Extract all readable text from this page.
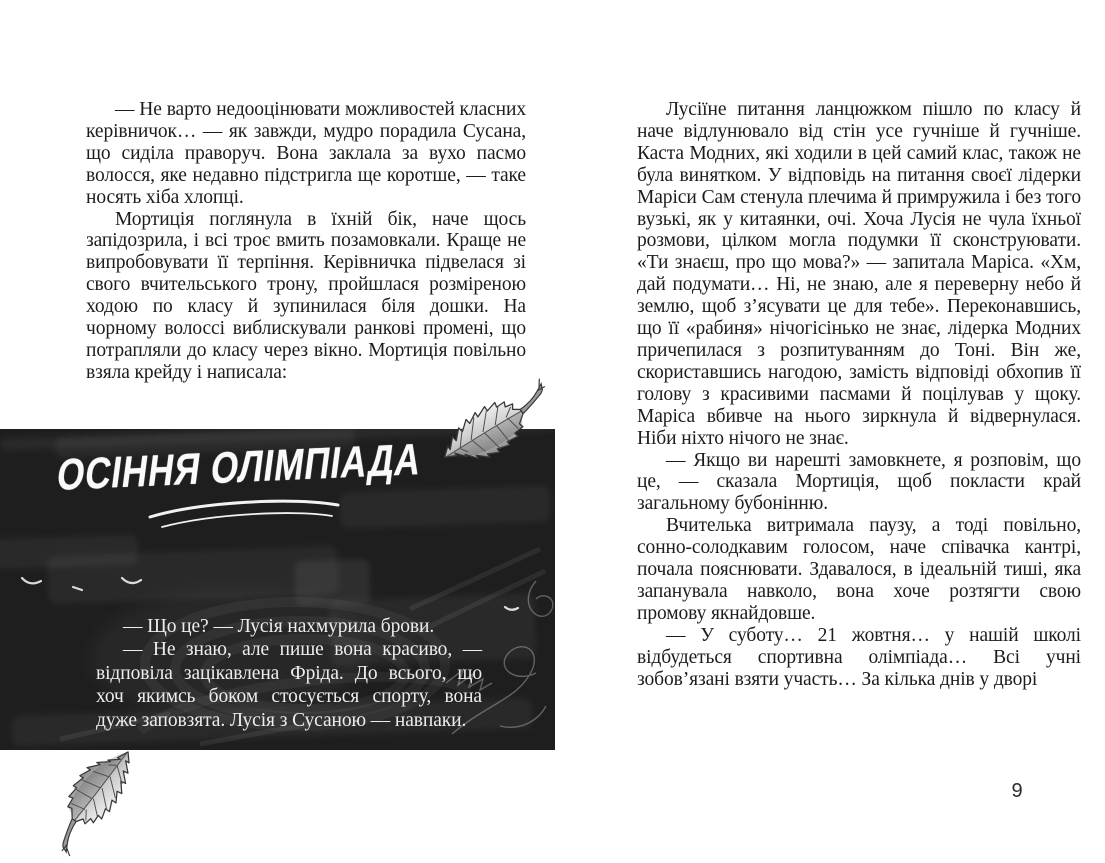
— Не варто недооцінювати можливостей класних керівничок… — як завжди, мудро порадила Сусана, що сиділа праворуч. Вона заклала за вухо пасмо волосся, яке недавно підстригла ще коротше, — таке носять хіба хлопці.

Мортиція поглянула в їхній бік, наче щось запідозрила, і всі троє вмить позамовкали. Краще не випробовувати її терпіння. Керівничка підвелася зі свого вчительського трону, пройшлася розміреною ходою по класу й зупинилася біля дошки. На чорному волоссі виблискували ранкові промені, що потрапляли до класу через вікно. Мортиція повільно взяла крейду і написала:

ОСІННЯ ОЛІМПІАДА

— Що це? — Лусія нахмурила брови.

— Не знаю, але пише вона красиво, — відповіла зацікавлена Фріда. До всього, що хоч якимсь боком стосується спорту, вона дуже заповзята. Лусія з Сусаною — навпаки.

Лусіїне питання ланцюжком пішло по класу й наче відлунювало від стін усе гучніше й гучніше. Каста Модних, які ходили в цей самий клас, також не була винятком. У відповідь на питання своєї лідерки Маріси Сам стенула плечима й примружила і без того вузькі, як у китаянки, очі. Хоча Лусія не чула їхньої розмови, цілком могла подумки її сконструювати. «Ти знаєш, про що мова?» — запитала Маріса. «Хм, дай подумати… Ні, не знаю, але я переверну небо й землю, щоб з’ясувати це для тебе». Переконавшись, що її «рабиня» нічогісінько не знає, лідерка Модних причепилася з розпитуванням до Тоні. Він же, скориставшись нагодою, замість відповіді обхопив її голову з красивими пасмами й поцілував у щоку. Маріса вбивче на нього зиркнула й відвернулася. Ніби ніхто нічого не знає.

— Якщо ви нарешті замовкнете, я розповім, що це, — сказала Мортиція, щоб покласти край загальному бубонінню.

Вчителька витримала паузу, а тоді повільно, сонно-солодкавим голосом, наче співачка кантрі, почала пояснювати. Здавалося, в ідеальній тиші, яка запанувала навколо, вона хоче розтягти свою промову якнайдовше.

— У суботу… 21 жовтня… у нашій школі відбудеться спортивна олімпіада… Всі учні зобов’язані взяти участь… За кілька днів у дворі

9
